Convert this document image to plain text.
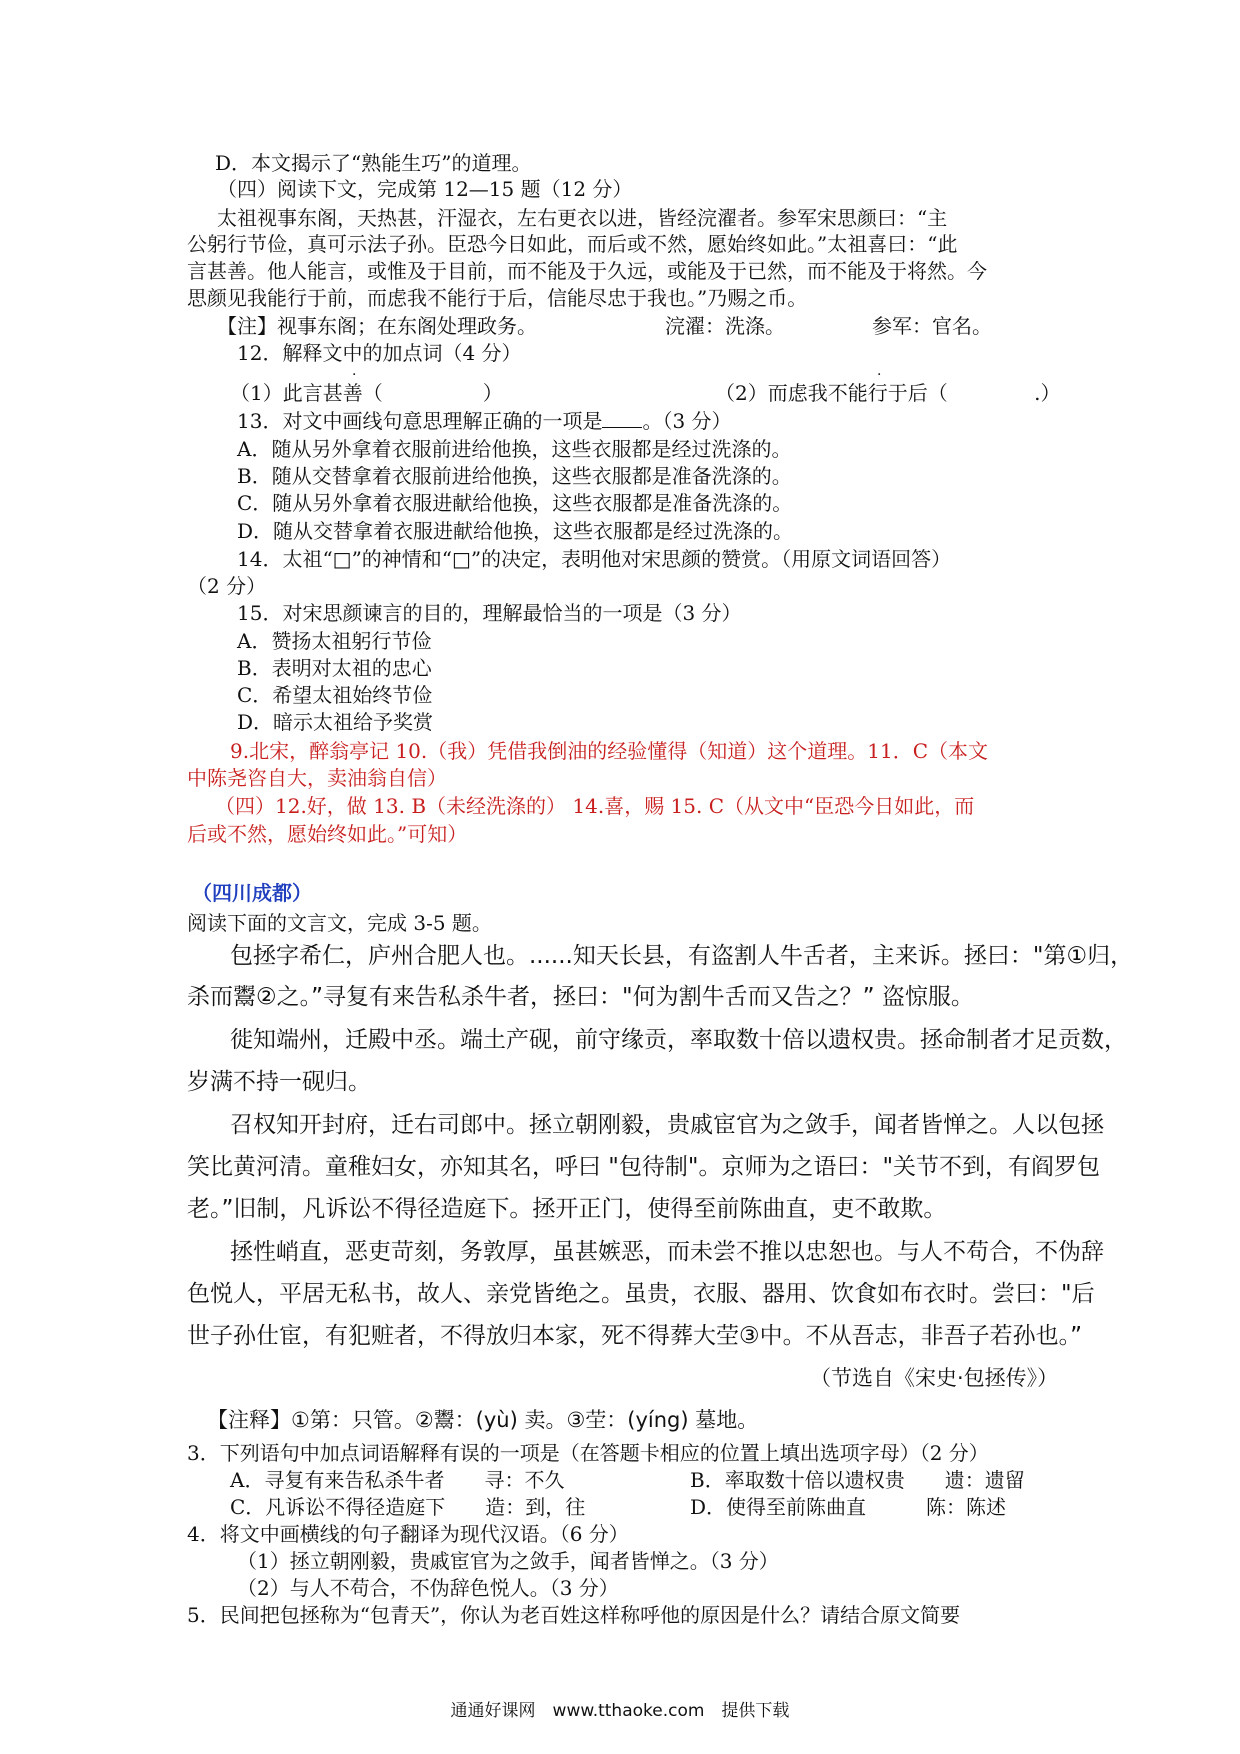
D．本文揭示了“熟能生巧”的道理。
（四）阅读下文，完成第 12—15 题（12 分）
太祖视事东阁，天热甚，汗湿衣，左右更衣以进，皆经浣濯者。参军宋思颜曰：“主
公躬行节俭，真可示法子孙。臣恐今日如此，而后或不然，愿始终如此。”太祖喜曰：“此
言甚善。他人能言，或惟及于目前，而不能及于久远，或能及于已然，而不能及于将然。今
思颜见我能行于前，而虑我不能行于后，信能尽忠于我也。”乃赐之币。
【注】视事东阁；在东阁处理政务。	浣濯：洗涤。	参军：官名。
12．解释文中的加点词（4 分）
·	·
（1）此言甚善（　　　　　）	（2）而虑我不能行于后（　　　　 .）
13．对文中画线句意思理解正确的一项是 。（3 分）
A．随从另外拿着衣服前进给他换，这些衣服都是经过洗涤的。
B．随从交替拿着衣服前进给他换，这些衣服都是准备洗涤的。
C．随从另外拿着衣服进献给他换，这些衣服都是准备洗涤的。
D．随从交替拿着衣服进献给他换，这些衣服都是经过洗涤的。
14．太祖“□”的神情和“□”的决定，表明他对宋思颜的赞赏。（用原文词语回答）
（2 分）
15．对宋思颜谏言的目的，理解最恰当的一项是（3 分）
A．赞扬太祖躬行节俭
B．表明对太祖的忠心
C．希望太祖始终节俭
D．暗示太祖给予奖赏
9.北宋，醉翁亭记 10.（我）凭借我倒油的经验懂得（知道）这个道理。11．C（本文
中陈尧咨自大，卖油翁自信）
（四）12.好，做 13. B（未经洗涤的） 14.喜，赐 15. C（从文中“臣恐今日如此，而
后或不然，愿始终如此。”可知）
（四川成都）
阅读下面的文言文，完成 3-5 题。
包拯字希仁，庐州合肥人也。......知天长县，有盗割人牛舌者，主来诉。拯曰："第①归，
杀而鬻②之。”寻复有来告私杀牛者，拯曰："何为割牛舌而又告之？” 盗惊服。
徙知端州，迁殿中丞。端土产砚，前守缘贡，率取数十倍以遗权贵。拯命制者才足贡数，
岁满不持一砚归。
召权知开封府，迁右司郎中。拯立朝刚毅，贵戚宦官为之敛手，闻者皆惮之。人以包拯
笑比黄河清。童稚妇女，亦知其名，呼曰 "包待制"。京师为之语曰："关节不到，有阎罗包
老。”旧制，凡诉讼不得径造庭下。拯开正门，使得至前陈曲直，吏不敢欺。
拯性峭直，恶吏苛刻，务敦厚，虽甚嫉恶，而未尝不推以忠恕也。与人不苟合，不伪辞
色悦人，平居无私书，故人、亲党皆绝之。虽贵，衣服、器用、饮食如布衣时。尝曰："后
世子孙仕宦，有犯赃者，不得放归本家，死不得葬大茔③中。不从吾志，非吾子若孙也。”
（节选自《宋史·包拯传》）
【注释】①第：只管。②鬻：(yù) 卖。③茔：(yíng) 墓地。
3．下列语句中加点词语解释有误的一项是（在答题卡相应的位置上填出选项字母）（2 分）
A．寻复有来告私杀牛者　　寻：不久	B．率取数十倍以遗权贵　　遗：遗留
C．凡诉讼不得径造庭下　　造：到，往	D．使得至前陈曲直　　　陈：陈述
4．将文中画横线的句子翻译为现代汉语。（6 分）
（1）拯立朝刚毅，贵戚宦官为之敛手，闻者皆惮之。（3 分）
（2）与人不苟合，不伪辞色悦人。（3 分）
5．民间把包拯称为“包青天”，你认为老百姓这样称呼他的原因是什么？请结合原文简要
通通好课网　www.tthaoke.com　提供下载
